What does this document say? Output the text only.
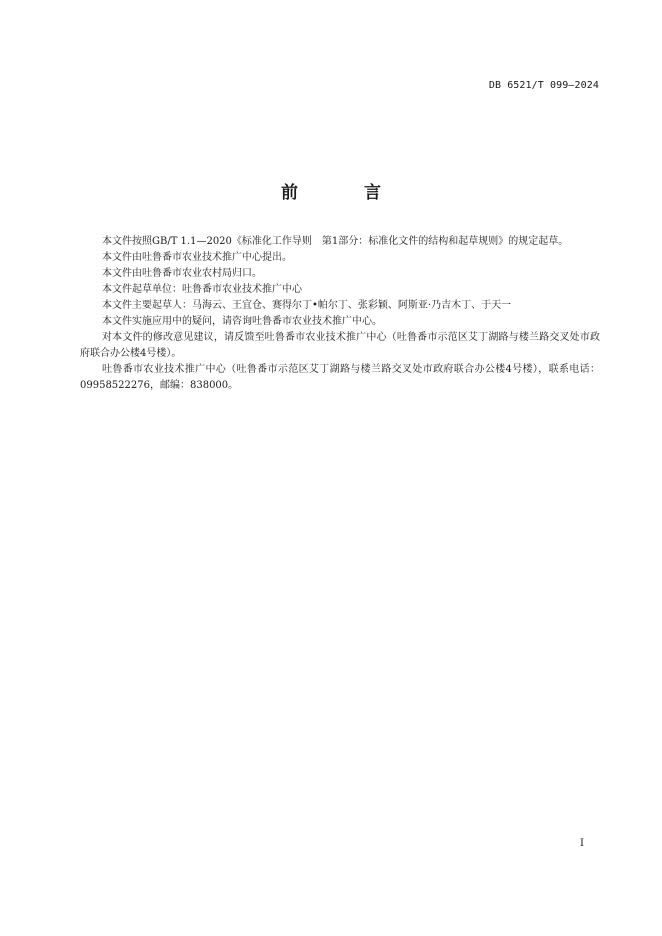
DB 6521/T 099—2024
前 言

本文件按照GB/T 1.1—2020《标准化工作导则　第1部分：标准化文件的结构和起草规则》的规定起草。

本文件由吐鲁番市农业技术推广中心提出。

本文件由吐鲁番市农业农村局归口。

本文件起草单位：吐鲁番市农业技术推广中心

本文件主要起草人：马海云、王宜仓、赛得尔丁•帕尔丁、张彩颖、阿斯亚·乃吉木丁、于天一

本文件实施应用中的疑问，请咨询吐鲁番市农业技术推广中心。

对本文件的修改意见建议，请反馈至吐鲁番市农业技术推广中心（吐鲁番市示范区艾丁湖路与楼兰路交叉处市政府联合办公楼4号楼）。

吐鲁番市农业技术推广中心（吐鲁番市示范区艾丁湖路与楼兰路交叉处市政府联合办公楼4号楼），联系电话：09958522276，邮编：838000。

I
